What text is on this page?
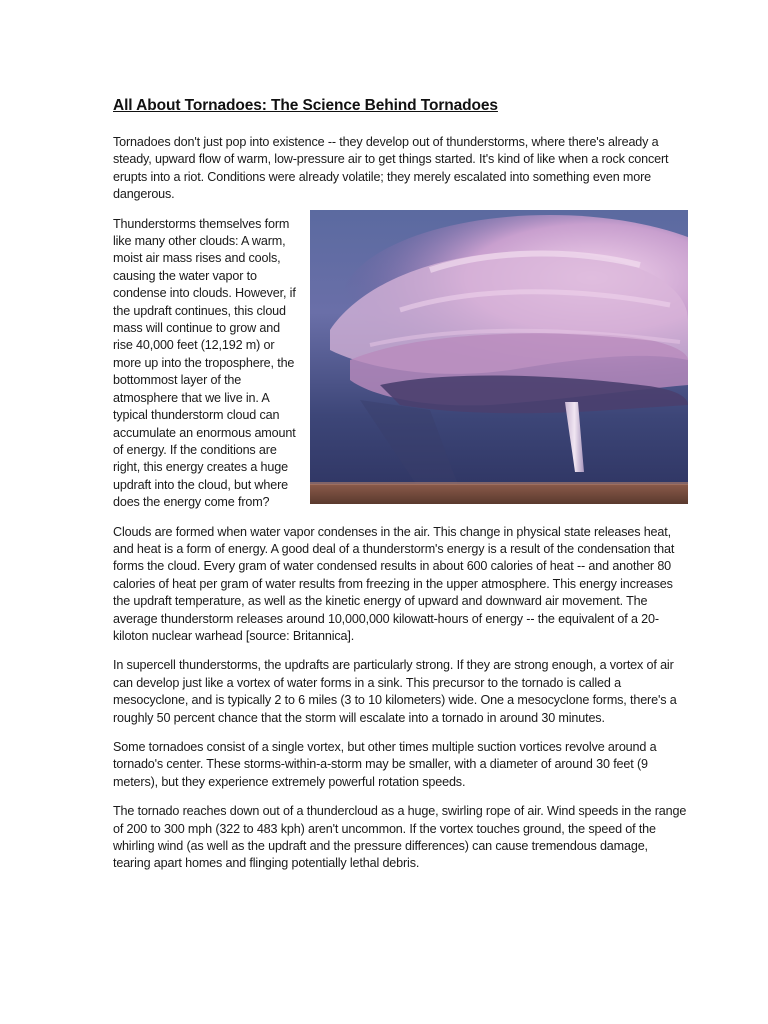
All About Tornadoes: The Science Behind Tornadoes

Tornadoes don't just pop into existence -- they develop out of thunderstorms, where there's already a steady, upward flow of warm, low-pressure air to get things started. It's kind of like when a rock concert erupts into a riot. Conditions were already volatile; they merely escalated into something even more dangerous.

Thunderstorms themselves form like many other clouds: A warm, moist air mass rises and cools, causing the water vapor to condense into clouds. However, if the updraft continues, this cloud mass will continue to grow and rise 40,000 feet (12,192 m) or more up into the troposphere, the bottommost layer of the atmosphere that we live in. A typical thunderstorm cloud can accumulate an enormous amount of energy. If the conditions are right, this energy creates a huge updraft into the cloud, but where does the energy come from?

Clouds are formed when water vapor condenses in the air. This change in physical state releases heat, and heat is a form of energy. A good deal of a thunderstorm's energy is a result of the condensation that forms the cloud. Every gram of water condensed results in about 600 calories of heat -- and another 80 calories of heat per gram of water results from freezing in the upper atmosphere. This energy increases the updraft temperature, as well as the kinetic energy of upward and downward air movement. The average thunderstorm releases around 10,000,000 kilowatt-hours of energy -- the equivalent of a 20-kiloton nuclear warhead [source: Britannica].

In supercell thunderstorms, the updrafts are particularly strong. If they are strong enough, a vortex of air can develop just like a vortex of water forms in a sink. This precursor to the tornado is called a mesocyclone, and is typically 2 to 6 miles (3 to 10 kilometers) wide. One a mesocyclone forms, there's a roughly 50 percent chance that the storm will escalate into a tornado in around 30 minutes.

Some tornadoes consist of a single vortex, but other times multiple suction vortices revolve around a tornado's center. These storms-within-a-storm may be smaller, with a diameter of around 30 feet (9 meters), but they experience extremely powerful rotation speeds.

The tornado reaches down out of a thundercloud as a huge, swirling rope of air. Wind speeds in the range of 200 to 300 mph (322 to 483 kph) aren't uncommon. If the vortex touches ground, the speed of the whirling wind (as well as the updraft and the pressure differences) can cause tremendous damage, tearing apart homes and flinging potentially lethal debris.
